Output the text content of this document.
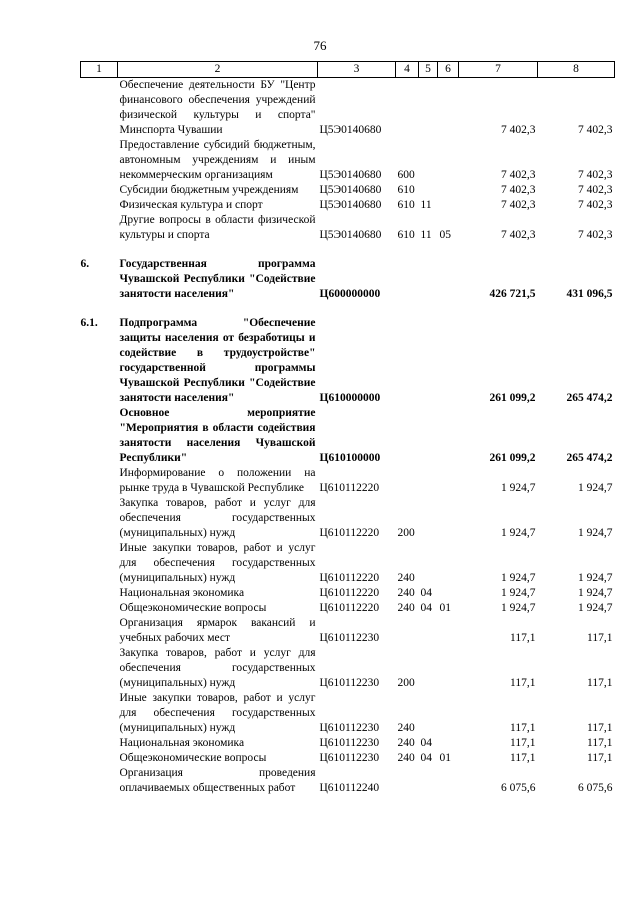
76
1	2	3	4	5	6	7	8
	Обеспечение деятельности БУ "Центр финансового обеспечения учреждений физической культуры и спорта" Минспорта Чувашии	Ц5Э0140680				7 402,3	7 402,3
	Предоставление субсидий бюджетным, автономным учреждениям и иным некоммерческим организациям	Ц5Э0140680	600			7 402,3	7 402,3
	Субсидии бюджетным учреждениям	Ц5Э0140680	610			7 402,3	7 402,3
	Физическая культура и спорт	Ц5Э0140680	610	11		7 402,3	7 402,3
	Другие вопросы в области физической культуры и спорта	Ц5Э0140680	610	11	05	7 402,3	7 402,3

6.	Государственная программа Чувашской Республики "Содействие занятости населения"	Ц600000000				426 721,5	431 096,5

6.1.	Подпрограмма "Обеспечение защиты населения от безработицы и содействие в трудоустройстве" государственной программы Чувашской Республики "Содействие занятости населения"	Ц610000000				261 099,2	265 474,2
	Основное мероприятие "Мероприятия в области содействия занятости населения Чувашской Республики"	Ц610100000				261 099,2	265 474,2
	Информирование о положении на рынке труда в Чувашской Республике	Ц610112220				1 924,7	1 924,7
	Закупка товаров, работ и услуг для обеспечения государственных (муниципальных) нужд	Ц610112220	200			1 924,7	1 924,7
	Иные закупки товаров, работ и услуг для обеспечения государственных (муниципальных) нужд	Ц610112220	240			1 924,7	1 924,7
	Национальная экономика	Ц610112220	240	04		1 924,7	1 924,7
	Общеэкономические вопросы	Ц610112220	240	04	01	1 924,7	1 924,7
	Организация ярмарок вакансий и учебных рабочих мест	Ц610112230				117,1	117,1
	Закупка товаров, работ и услуг для обеспечения государственных (муниципальных) нужд	Ц610112230	200			117,1	117,1
	Иные закупки товаров, работ и услуг для обеспечения государственных (муниципальных) нужд	Ц610112230	240			117,1	117,1
	Национальная экономика	Ц610112230	240	04		117,1	117,1
	Общеэкономические вопросы	Ц610112230	240	04	01	117,1	117,1
	Организация проведения оплачиваемых общественных работ	Ц610112240				6 075,6	6 075,6
